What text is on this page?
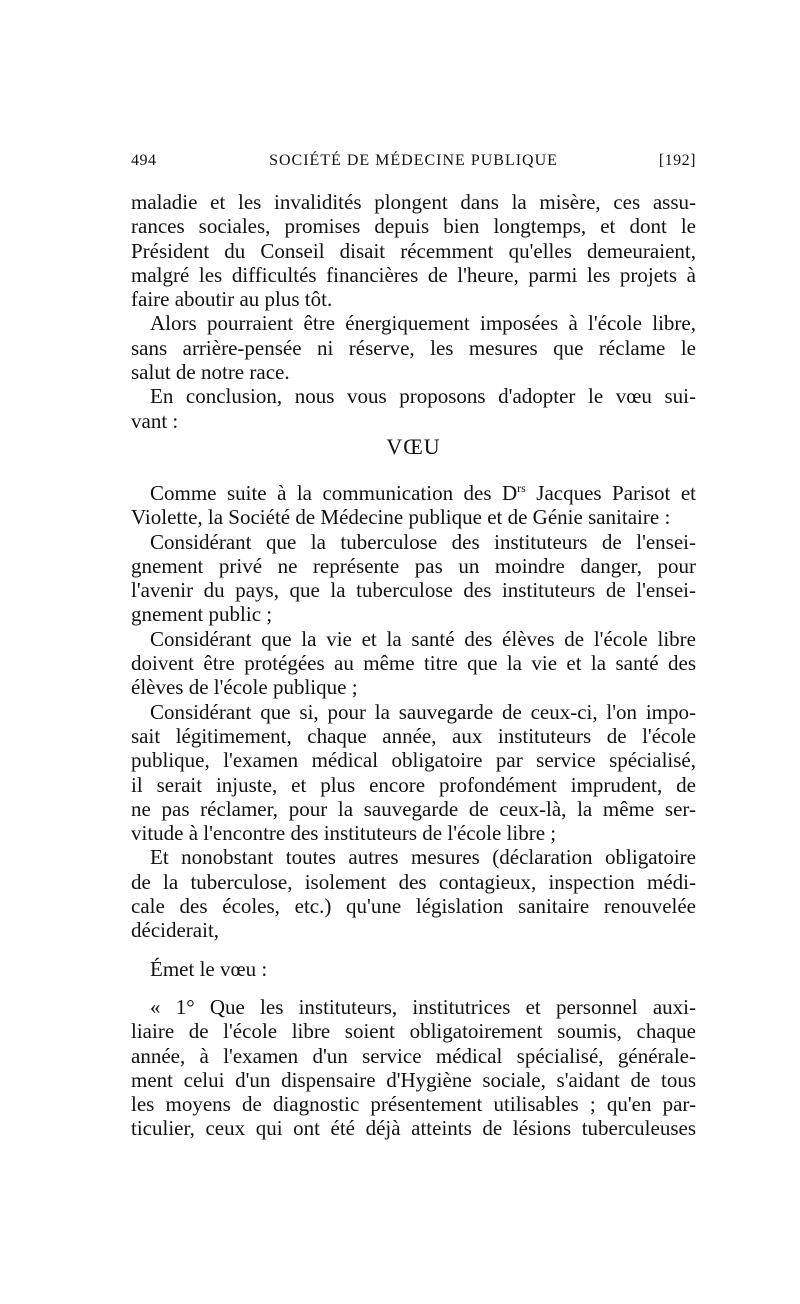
494	SOCIÉTÉ DE MÉDECINE PUBLIQUE	[192]

maladie et les invalidités plongent dans la misère, ces assu-

rances sociales, promises depuis bien longtemps, et dont le

Président du Conseil disait récemment qu'elles demeuraient,

malgré les difficultés financières de l'heure, parmi les projets à

faire aboutir au plus tôt.

Alors pourraient être énergiquement imposées à l'école libre,

sans arrière-pensée ni réserve, les mesures que réclame le

salut de notre race.

En conclusion, nous vous proposons d'adopter le vœu sui-

vant :

VŒU

Comme suite à la communication des $D^{rs}$ Jacques Parisot et

Violette, la Société de Médecine publique et de Génie sanitaire :

Considérant que la tuberculose des instituteurs de l'ensei-

gnement privé ne représente pas un moindre danger, pour

l'avenir du pays, que la tuberculose des instituteurs de l'ensei-

gnement public ;

Considérant que la vie et la santé des élèves de l'école libre

doivent être protégées au même titre que la vie et la santé des

élèves de l'école publique ;

Considérant que si, pour la sauvegarde de ceux-ci, l'on impo-

sait légitimement, chaque année, aux instituteurs de l'école

publique, l'examen médical obligatoire par service spécialisé,

il serait injuste, et plus encore profondément imprudent, de

ne pas réclamer, pour la sauvegarde de ceux-là, la même ser-

vitude à l'encontre des instituteurs de l'école libre ;

Et nonobstant toutes autres mesures (déclaration obligatoire

de la tuberculose, isolement des contagieux, inspection médi-

cale des écoles, etc.) qu'une législation sanitaire renouvelée

déciderait,

Émet le vœu :

« 1° Que les instituteurs, institutrices et personnel auxi-

liaire de l'école libre soient obligatoirement soumis, chaque

année, à l'examen d'un service médical spécialisé, générale-

ment celui d'un dispensaire d'Hygiène sociale, s'aidant de tous

les moyens de diagnostic présentement utilisables ; qu'en par-

ticulier, ceux qui ont été déjà atteints de lésions tuberculeuses
